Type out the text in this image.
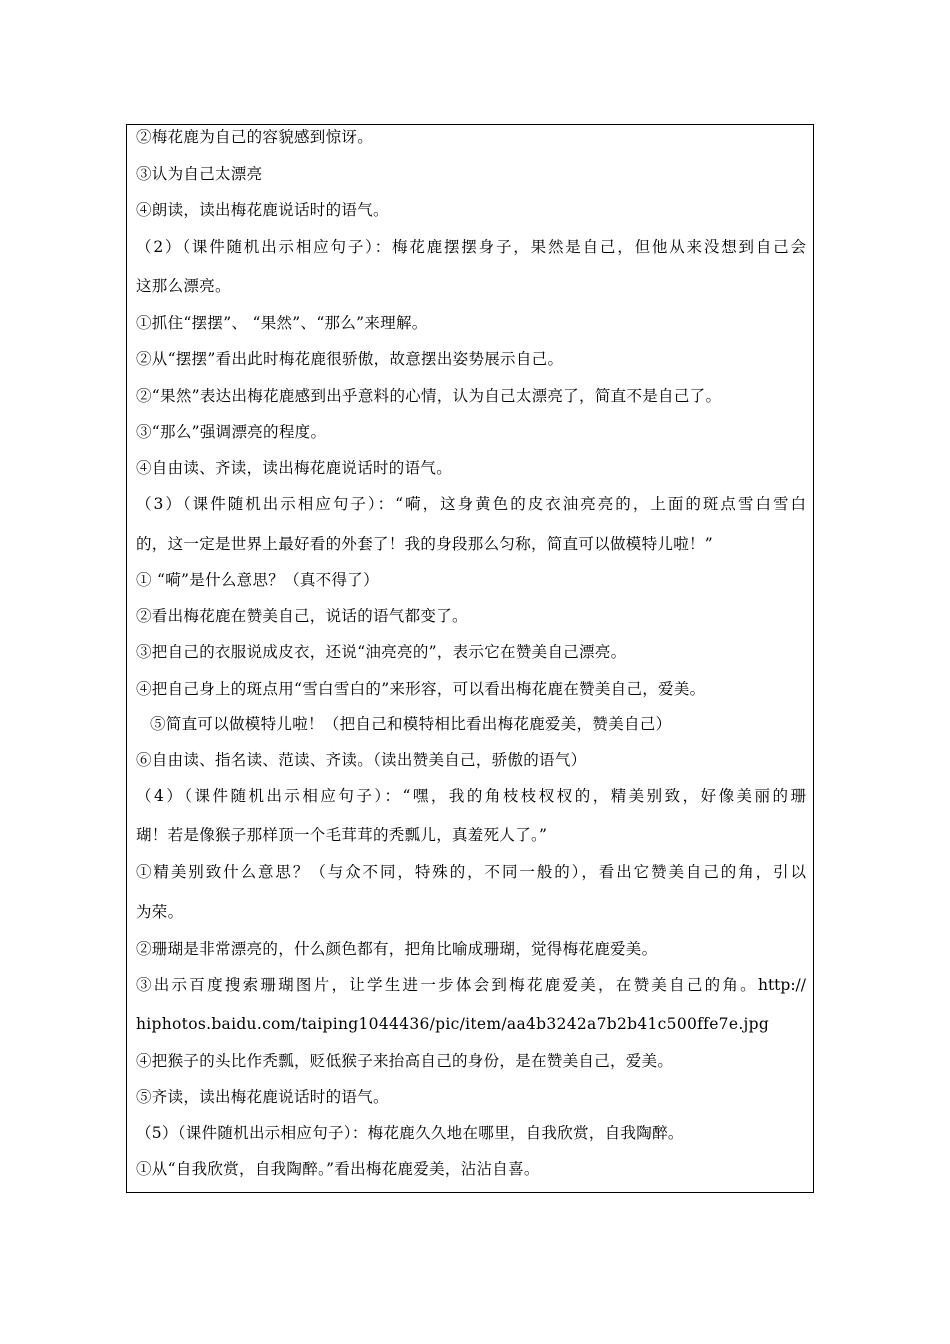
②梅花鹿为自己的容貌感到惊讶。
③认为自己太漂亮
④朗读，读出梅花鹿说话时的语气。
（2）（课件随机出示相应句子）：梅花鹿摆摆身子，果然是自己，但他从来没想到自己会
这那么漂亮。
①抓住“摆摆”、 “果然”、“那么”来理解。
②从“摆摆”看出此时梅花鹿很骄傲，故意摆出姿势展示自己。
②“果然”表达出梅花鹿感到出乎意料的心情，认为自己太漂亮了，简直不是自己了。
③“那么”强调漂亮的程度。
④自由读、齐读，读出梅花鹿说话时的语气。
（3）（课件随机出示相应句子）：“嗬，这身黄色的皮衣油亮亮的，上面的斑点雪白雪白
的，这一定是世界上最好看的外套了！我的身段那么匀称，简直可以做模特儿啦！”
① “嗬”是什么意思？（真不得了）
②看出梅花鹿在赞美自己，说话的语气都变了。
③把自己的衣服说成皮衣，还说“油亮亮的”，表示它在赞美自己漂亮。
④把自己身上的斑点用“雪白雪白的”来形容，可以看出梅花鹿在赞美自己，爱美。
⑤简直可以做模特儿啦！（把自己和模特相比看出梅花鹿爱美，赞美自己）
⑥自由读、指名读、范读、齐读。（读出赞美自己，骄傲的语气）
（4）（课件随机出示相应句子）：“嘿，我的角枝枝杈杈的，精美别致，好像美丽的珊
瑚！若是像猴子那样顶一个毛茸茸的秃瓢儿，真羞死人了。”
①精美别致什么意思？（与众不同，特殊的，不同一般的），看出它赞美自己的角，引以
为荣。
②珊瑚是非常漂亮的，什么颜色都有，把角比喻成珊瑚，觉得梅花鹿爱美。
③出示百度搜索珊瑚图片，让学生进一步体会到梅花鹿爱美，在赞美自己的角。http://
hiphotos.baidu.com/taiping1044436/pic/item/aa4b3242a7b2b41c500ffe7e.jpg
④把猴子的头比作秃瓢，贬低猴子来抬高自己的身份，是在赞美自己，爱美。
⑤齐读，读出梅花鹿说话时的语气。
（5）（课件随机出示相应句子）：梅花鹿久久地在哪里，自我欣赏，自我陶醉。
①从“自我欣赏，自我陶醉。”看出梅花鹿爱美，沾沾自喜。
